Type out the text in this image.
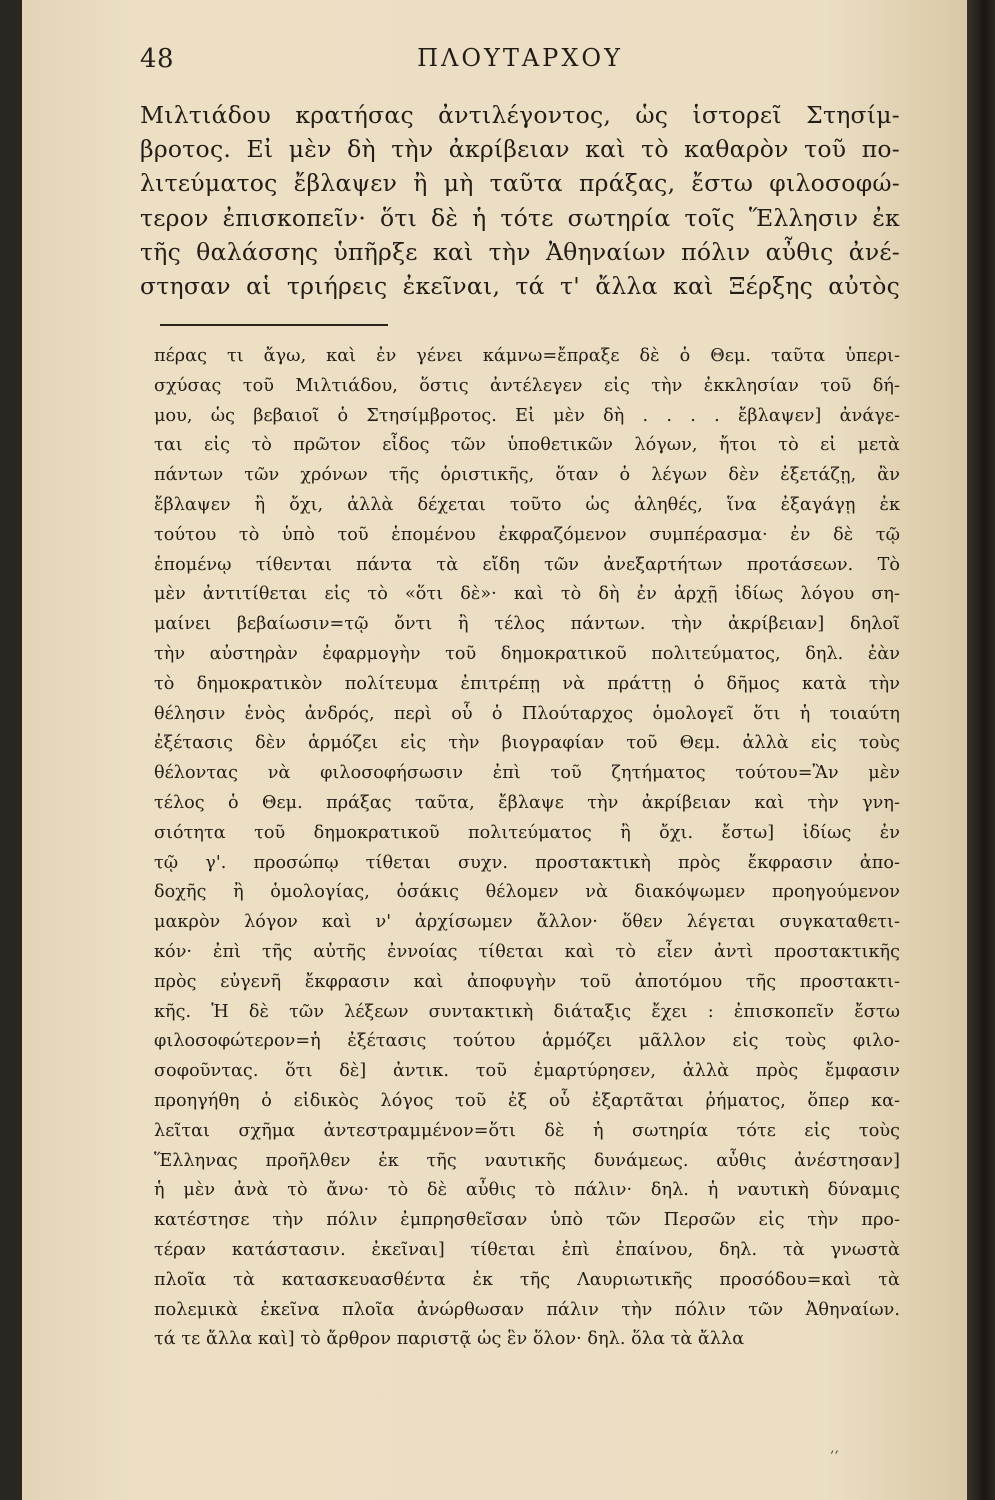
48	ΠΛΟΥΤΑΡΧΟΥ
Μιλτιάδου κρατήσας ἀντιλέγοντος, ὡς ἱστορεῖ Στησίμ-
βροτος. Εἰ μὲν δὴ τὴν ἀκρίβειαν καὶ τὸ καθαρὸν τοῦ πο-
λιτεύματος ἔβλαψεν ἢ μὴ ταῦτα πράξας, ἔστω φιλοσοφώ-
τερον ἐπισκοπεῖν· ὅτι δὲ ἡ τότε σωτηρία τοῖς Ἕλλησιν ἐκ
τῆς θαλάσσης ὑπῆρξε καὶ τὴν Ἀθηναίων πόλιν αὖθις ἀνέ-
στησαν αἱ τριήρεις ἐκεῖναι, τά τ' ἄλλα καὶ Ξέρξης αὐτὸς
πέρας τι ἄγω, καὶ ἐν γένει κάμνω=ἔπραξε δὲ ὁ Θεμ. ταῦτα ὑπερι-
σχύσας τοῦ Μιλτιάδου, ὅστις ἀντέλεγεν εἰς τὴν ἐκκλησίαν τοῦ δή-
μου, ὡς βεβαιοῖ ὁ Στησίμβροτος. Εἰ μὲν δὴ . . . . ἔβλαψεν] ἀνάγε-
ται εἰς τὸ πρῶτον εἶδος τῶν ὑποθετικῶν λόγων, ἤτοι τὸ εἰ μετὰ
πάντων τῶν χρόνων τῆς ὁριστικῆς, ὅταν ὁ λέγων δὲν ἐξετάζῃ, ἂν
ἔβλαψεν ἢ ὄχι, ἀλλὰ δέχεται τοῦτο ὡς ἀληθές, ἵνα ἐξαγάγῃ ἐκ
τούτου τὸ ὑπὸ τοῦ ἑπομένου ἐκφραζόμενον συμπέρασμα· ἐν δὲ τῷ
ἑπομένῳ τίθενται πάντα τὰ εἴδη τῶν ἀνεξαρτήτων προτάσεων. Τὸ
μὲν ἀντιτίθεται εἰς τὸ «ὅτι δὲ»· καὶ τὸ δὴ ἐν ἀρχῇ ἰδίως λόγου ση-
μαίνει βεβαίωσιν=τῷ ὄντι ἢ τέλος πάντων. τὴν ἀκρίβειαν] δηλοῖ
τὴν αὐστηρὰν ἐφαρμογὴν τοῦ δημοκρατικοῦ πολιτεύματος, δηλ. ἐὰν
τὸ δημοκρατικὸν πολίτευμα ἐπιτρέπῃ νὰ πράττῃ ὁ δῆμος κατὰ τὴν
θέλησιν ἑνὸς ἀνδρός, περὶ οὗ ὁ Πλούταρχος ὁμολογεῖ ὅτι ἡ τοιαύτη
ἐξέτασις δὲν ἁρμόζει εἰς τὴν βιογραφίαν τοῦ Θεμ. ἀλλὰ εἰς τοὺς
θέλοντας νὰ φιλοσοφήσωσιν ἐπὶ τοῦ ζητήματος τούτου=Ἂν μὲν
τέλος ὁ Θεμ. πράξας ταῦτα, ἔβλαψε τὴν ἀκρίβειαν καὶ τὴν γνη-
σιότητα τοῦ δημοκρατικοῦ πολιτεύματος ἢ ὄχι. ἔστω] ἰδίως ἐν
τῷ γ'. προσώπῳ τίθεται συχν. προστακτικὴ πρὸς ἔκφρασιν ἀπο-
δοχῆς ἢ ὁμολογίας, ὁσάκις θέλομεν νὰ διακόψωμεν προηγούμενον
μακρὸν λόγον καὶ ν' ἀρχίσωμεν ἄλλον· ὅθεν λέγεται συγκαταθετι-
κόν· ἐπὶ τῆς αὐτῆς ἐννοίας τίθεται καὶ τὸ εἶεν ἀντὶ προστακτικῆς
πρὸς εὐγενῆ ἔκφρασιν καὶ ἀποφυγὴν τοῦ ἀποτόμου τῆς προστακτι-
κῆς. Ἡ δὲ τῶν λέξεων συντακτικὴ διάταξις ἔχει : ἐπισκοπεῖν ἔστω
φιλοσοφώτερον=ἡ ἐξέτασις τούτου ἁρμόζει μᾶλλον εἰς τοὺς φιλο-
σοφοῦντας. ὅτι δὲ] ἀντικ. τοῦ ἐμαρτύρησεν, ἀλλὰ πρὸς ἔμφασιν
προηγήθη ὁ εἰδικὸς λόγος τοῦ ἐξ οὗ ἐξαρτᾶται ῥήματος, ὅπερ κα-
λεῖται σχῆμα ἀντεστραμμένον=ὅτι δὲ ἡ σωτηρία τότε εἰς τοὺς
Ἕλληνας προῆλθεν ἐκ τῆς ναυτικῆς δυνάμεως. αὖθις ἀνέστησαν]
ἡ μὲν ἀνὰ τὸ ἄνω· τὸ δὲ αὖθις τὸ πάλιν· δηλ. ἡ ναυτικὴ δύναμις
κατέστησε τὴν πόλιν ἐμπρησθεῖσαν ὑπὸ τῶν Περσῶν εἰς τὴν προ-
τέραν κατάστασιν. ἐκεῖναι] τίθεται ἐπὶ ἐπαίνου, δηλ. τὰ γνωστὰ
πλοῖα τὰ κατασκευασθέντα ἐκ τῆς Λαυριωτικῆς προσόδου=καὶ τὰ
πολεμικὰ ἐκεῖνα πλοῖα ἀνώρθωσαν πάλιν τὴν πόλιν τῶν Ἀθηναίων.
τά τε ἄλλα καὶ] τὸ ἄρθρον παριστᾷ ὡς ἓν ὅλον· δηλ. ὅλα τὰ ἄλλα
‚‚
